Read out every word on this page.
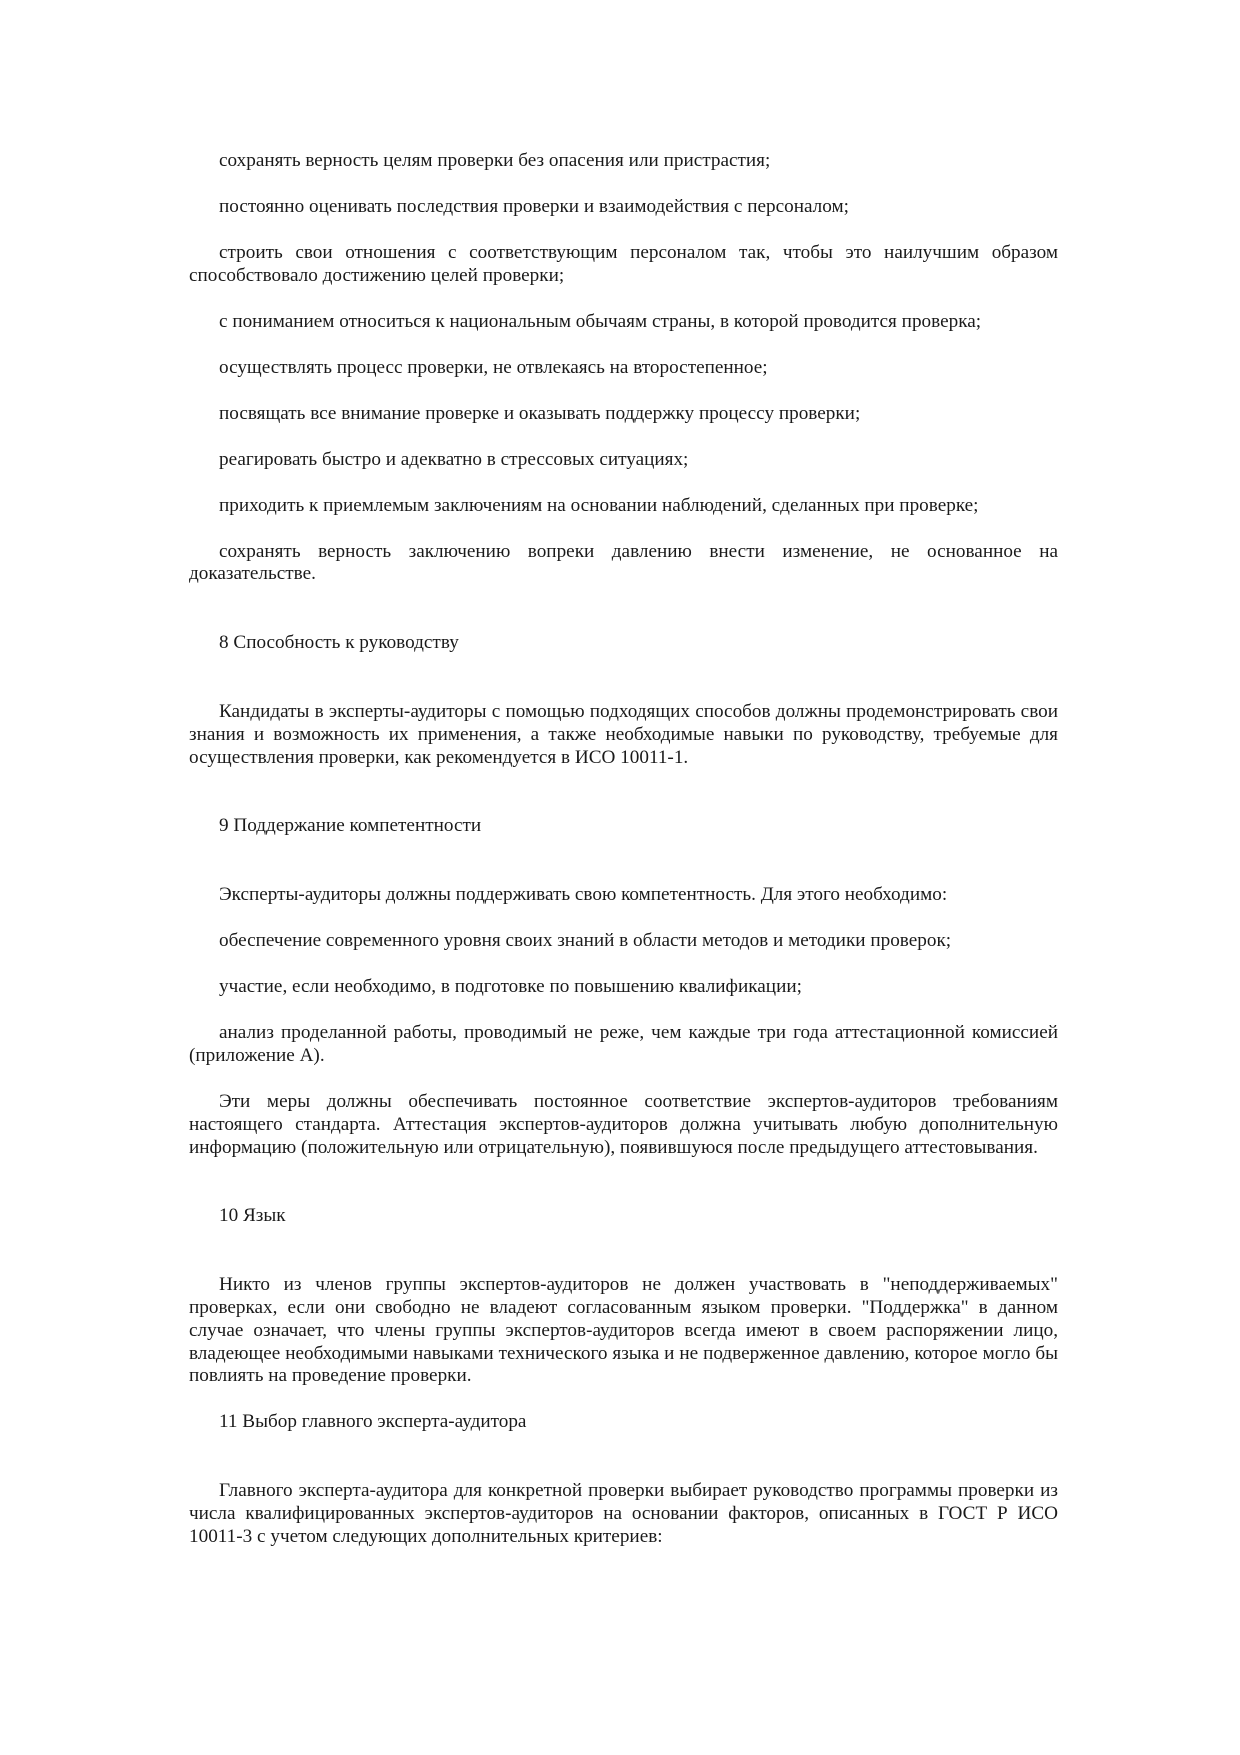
сохранять верность целям проверки без опасения или пристрастия;

постоянно оценивать последствия проверки и взаимодействия с персоналом;

строить свои отношения с соответствующим персоналом так, чтобы это наилучшим образом способствовало достижению целей проверки;

с пониманием относиться к национальным обычаям страны, в которой проводится проверка;

осуществлять процесс проверки, не отвлекаясь на второстепенное;

посвящать все внимание проверке и оказывать поддержку процессу проверки;

реагировать быстро и адекватно в стрессовых ситуациях;

приходить к приемлемым заключениям на основании наблюдений, сделанных при проверке;

сохранять верность заключению вопреки давлению внести изменение, не основанное на доказательстве.

8 Способность к руководству

Кандидаты в эксперты-аудиторы с помощью подходящих способов должны продемонстрировать свои знания и возможность их применения, а также необходимые навыки по руководству, требуемые для осуществления проверки, как рекомендуется в ИСО 10011-1.

9 Поддержание компетентности

Эксперты-аудиторы должны поддерживать свою компетентность. Для этого необходимо:

обеспечение современного уровня своих знаний в области методов и методики проверок;

участие, если необходимо, в подготовке по повышению квалификации;

анализ проделанной работы, проводимый не реже, чем каждые три года аттестационной комиссией (приложение А).

Эти меры должны обеспечивать постоянное соответствие экспертов-аудиторов требованиям настоящего стандарта. Аттестация экспертов-аудиторов должна учитывать любую дополнительную информацию (положительную или отрицательную), появившуюся после предыдущего аттестовывания.

10 Язык

Никто из членов группы экспертов-аудиторов не должен участвовать в "неподдерживаемых" проверках, если они свободно не владеют согласованным языком проверки. "Поддержка" в данном случае означает, что члены группы экспертов-аудиторов всегда имеют в своем распоряжении лицо, владеющее необходимыми навыками технического языка и не подверженное давлению, которое могло бы повлиять на проведение проверки.

11 Выбор главного эксперта-аудитора

Главного эксперта-аудитора для конкретной проверки выбирает руководство программы проверки из числа квалифицированных экспертов-аудиторов на основании факторов, описанных в ГОСТ Р ИСО 10011-3 с учетом следующих дополнительных критериев:
